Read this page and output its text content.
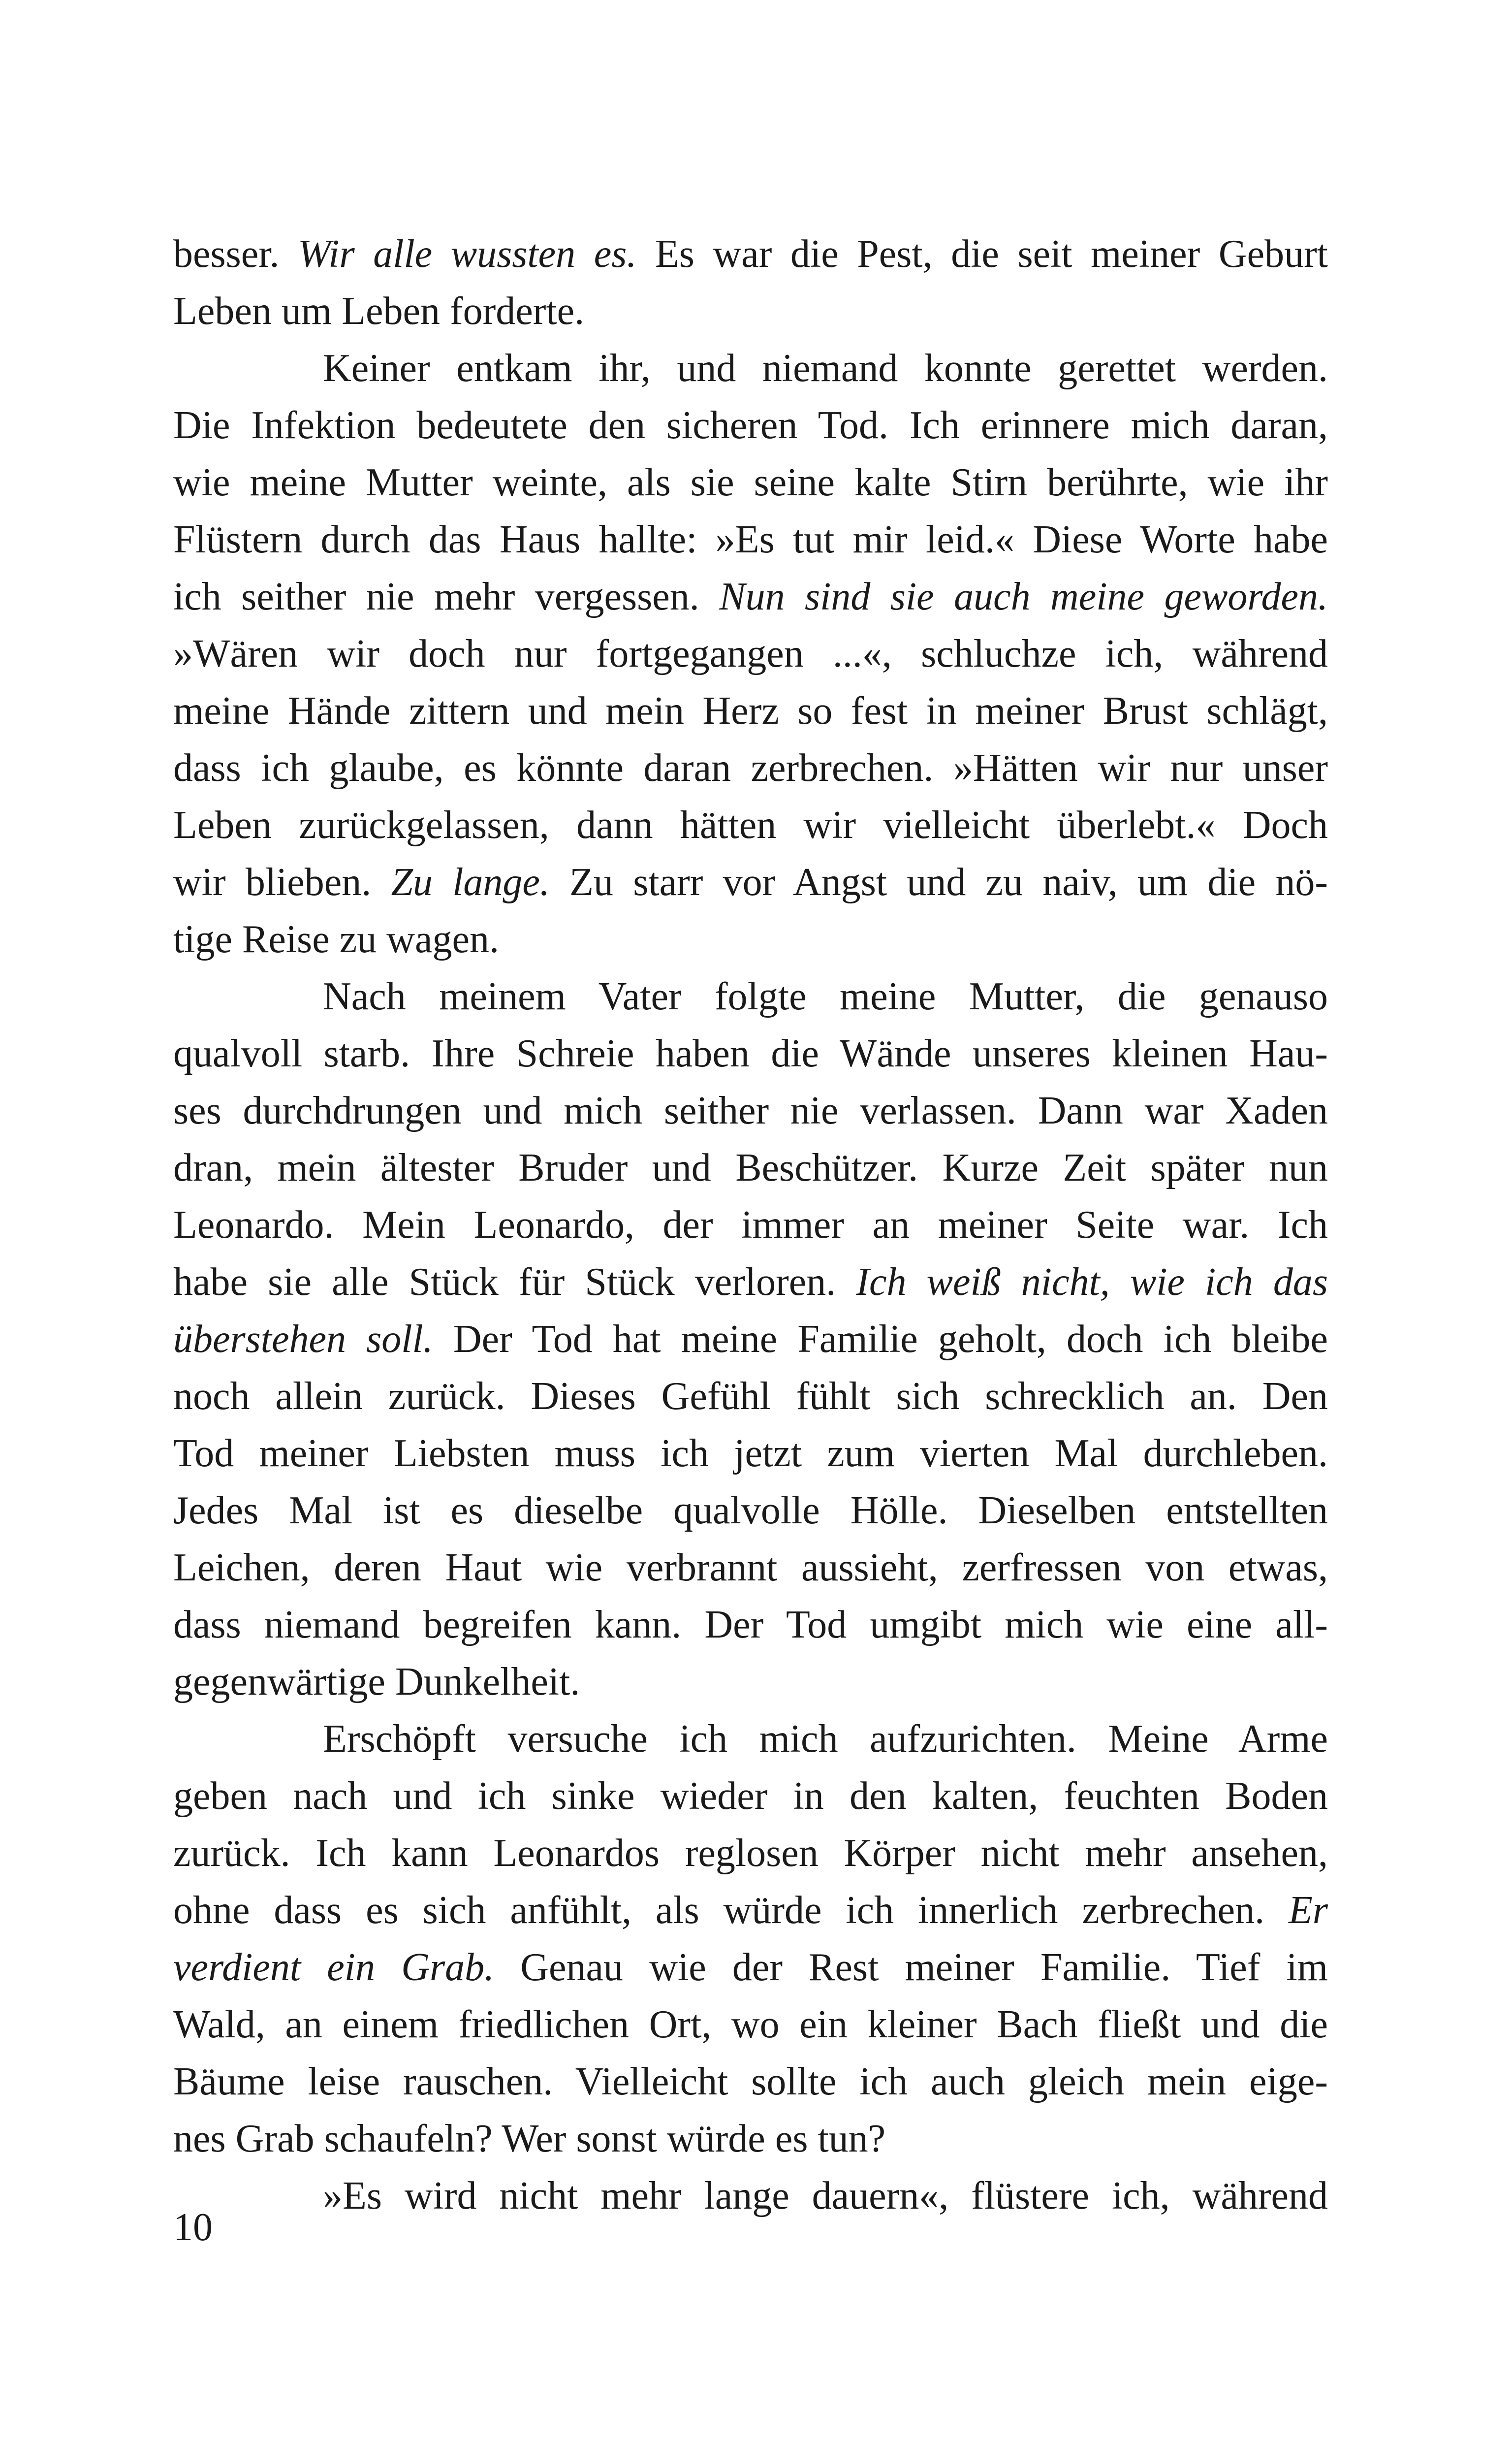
besser. Wir alle wussten es. Es war die Pest, die seit meiner Geburt
Leben um Leben forderte.
Keiner entkam ihr, und niemand konnte gerettet werden.
Die Infektion bedeutete den sicheren Tod. Ich erinnere mich daran,
wie meine Mutter weinte, als sie seine kalte Stirn berührte, wie ihr
Flüstern durch das Haus hallte: »Es tut mir leid.« Diese Worte habe
ich seither nie mehr vergessen. Nun sind sie auch meine geworden.
»Wären wir doch nur fortgegangen ...«, schluchze ich, während
meine Hände zittern und mein Herz so fest in meiner Brust schlägt,
dass ich glaube, es könnte daran zerbrechen. »Hätten wir nur unser
Leben zurückgelassen, dann hätten wir vielleicht überlebt.« Doch
wir blieben. Zu lange. Zu starr vor Angst und zu naiv, um die nö-
tige Reise zu wagen.
Nach meinem Vater folgte meine Mutter, die genauso
qualvoll starb. Ihre Schreie haben die Wände unseres kleinen Hau-
ses durchdrungen und mich seither nie verlassen. Dann war Xaden
dran, mein ältester Bruder und Beschützer. Kurze Zeit später nun
Leonardo. Mein Leonardo, der immer an meiner Seite war. Ich
habe sie alle Stück für Stück verloren. Ich weiß nicht, wie ich das
überstehen soll. Der Tod hat meine Familie geholt, doch ich bleibe
noch allein zurück. Dieses Gefühl fühlt sich schrecklich an. Den
Tod meiner Liebsten muss ich jetzt zum vierten Mal durchleben.
Jedes Mal ist es dieselbe qualvolle Hölle. Dieselben entstellten
Leichen, deren Haut wie verbrannt aussieht, zerfressen von etwas,
dass niemand begreifen kann. Der Tod umgibt mich wie eine all-
gegenwärtige Dunkelheit.
Erschöpft versuche ich mich aufzurichten. Meine Arme
geben nach und ich sinke wieder in den kalten, feuchten Boden
zurück. Ich kann Leonardos reglosen Körper nicht mehr ansehen,
ohne dass es sich anfühlt, als würde ich innerlich zerbrechen. Er
verdient ein Grab. Genau wie der Rest meiner Familie. Tief im
Wald, an einem friedlichen Ort, wo ein kleiner Bach fließt und die
Bäume leise rauschen. Vielleicht sollte ich auch gleich mein eige-
nes Grab schaufeln? Wer sonst würde es tun?
»Es wird nicht mehr lange dauern«, flüstere ich, während
10
